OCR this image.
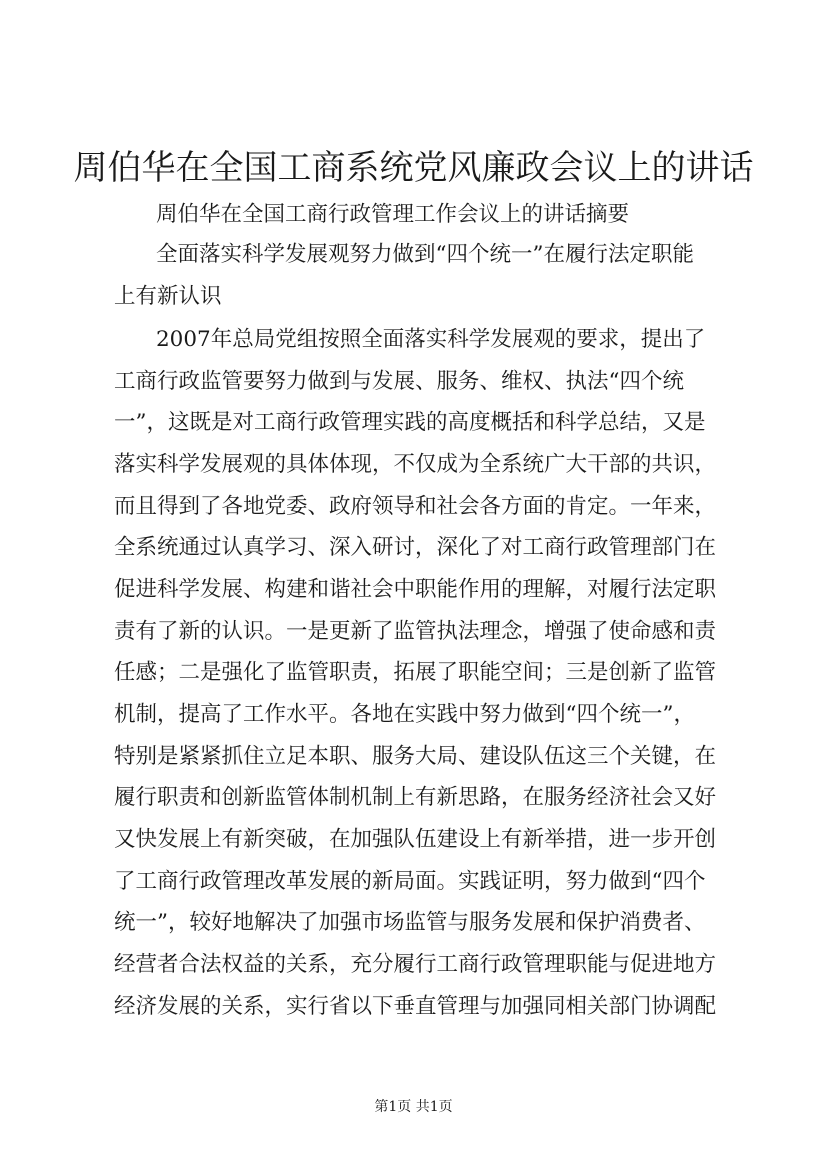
周伯华在全国工商系统党风廉政会议上的讲话
周伯华在全国工商行政管理工作会议上的讲话摘要
全面落实科学发展观努力做到“四个统一”在履行法定职能
上有新认识
2007年总局党组按照全面落实科学发展观的要求，提出了
工商行政监管要努力做到与发展、服务、维权、执法“四个统
一”，这既是对工商行政管理实践的高度概括和科学总结，又是
落实科学发展观的具体体现，不仅成为全系统广大干部的共识，
而且得到了各地党委、政府领导和社会各方面的肯定。一年来，
全系统通过认真学习、深入研讨，深化了对工商行政管理部门在
促进科学发展、构建和谐社会中职能作用的理解，对履行法定职
责有了新的认识。一是更新了监管执法理念，增强了使命感和责
任感；二是强化了监管职责，拓展了职能空间；三是创新了监管
机制，提高了工作水平。各地在实践中努力做到“四个统一”，
特别是紧紧抓住立足本职、服务大局、建设队伍这三个关键，在
履行职责和创新监管体制机制上有新思路，在服务经济社会又好
又快发展上有新突破，在加强队伍建设上有新举措，进一步开创
了工商行政管理改革发展的新局面。实践证明，努力做到“四个
统一”，较好地解决了加强市场监管与服务发展和保护消费者、
经营者合法权益的关系，充分履行工商行政管理职能与促进地方
经济发展的关系，实行省以下垂直管理与加强同相关部门协调配
第1页 共1页
